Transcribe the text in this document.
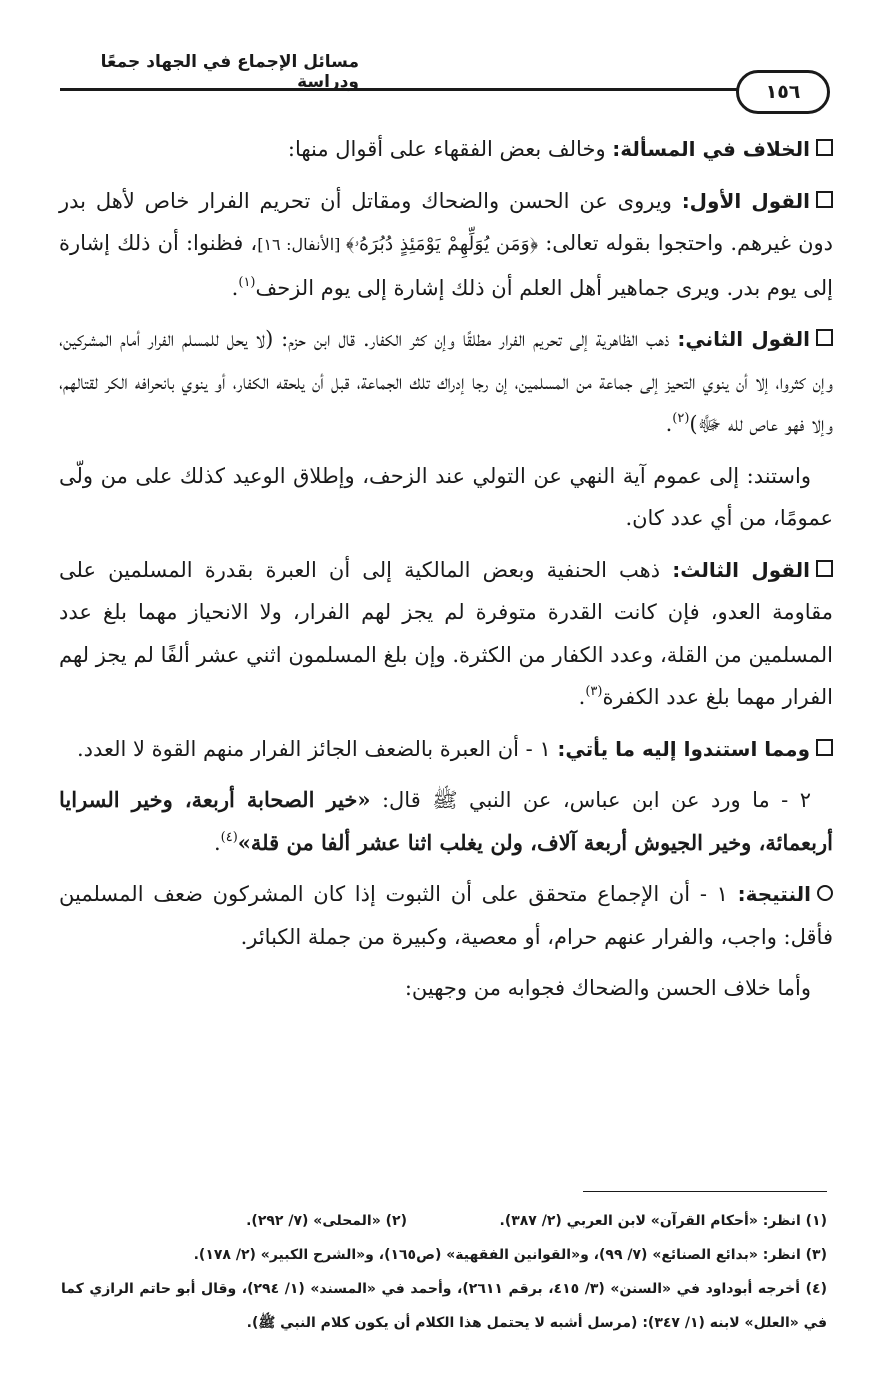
مسائل الإجماع في الجهاد جمعًا ودراسة	١٥٦

الخلاف في المسألة: وخالف بعض الفقهاء على أقوال منها:

القول الأول: ويروى عن الحسن والضحاك ومقاتل أن تحريم الفرار خاص لأهل بدر دون غيرهم. واحتجوا بقوله تعالى: ﴿وَمَن يُوَلِّهِمْ يَوْمَئِذٍ دُبُرَهُۥ﴾ [الأنفال: ١٦]، فظنوا: أن ذلك إشارة إلى يوم بدر. ويرى جماهير أهل العلم أن ذلك إشارة إلى يوم الزحف$^{(١)}$.

القول الثاني: ذهب الظاهرية إلى تحريم الفرار مطلقًا وإن كثر الكفار. قال ابن حزم: (لا يحل للمسلم الفرار أمام المشركين، وإن كثروا، إلا أن ينوي التحيز إلى جماعة من المسلمين، إن رجا إدراك تلك الجماعة، قبل أن يلحقه الكفار، أو ينوي بانحرافه الكر لقتالهم، وإلا فهو عاص لله ﷻ)$^{(٢)}$.

واستند: إلى عموم آية النهي عن التولي عند الزحف، وإطلاق الوعيد كذلك على من ولّى عمومًا، من أي عدد كان.

القول الثالث: ذهب الحنفية وبعض المالكية إلى أن العبرة بقدرة المسلمين على مقاومة العدو، فإن كانت القدرة متوفرة لم يجز لهم الفرار، ولا الانحياز مهما بلغ عدد المسلمين من القلة، وعدد الكفار من الكثرة. وإن بلغ المسلمون اثني عشر ألفًا لم يجز لهم الفرار مهما بلغ عدد الكفرة$^{(٣)}$.

ومما استندوا إليه ما يأتي: ١ - أن العبرة بالضعف الجائز الفرار منهم القوة لا العدد.

٢ - ما ورد عن ابن عباس، عن النبي ﷺ قال: «خير الصحابة أربعة، وخير السرايا أربعمائة، وخير الجيوش أربعة آلاف، ولن يغلب اثنا عشر ألفا من قلة»$^{(٤)}$.

النتيجة: ١ - أن الإجماع متحقق على أن الثبوت إذا كان المشركون ضعف المسلمين فأقل: واجب، والفرار عنهم حرام، أو معصية، وكبيرة من جملة الكبائر.

وأما خلاف الحسن والضحاك فجوابه من وجهين:

(١) انظر: «أحكام القرآن» لابن العربي (٢/ ٣٨٧).
(٢) «المحلى» (٧/ ٢٩٢).

(٣) انظر: «بدائع الصنائع» (٧/ ٩٩)، و«القوانين الفقهية» (ص١٦٥)، و«الشرح الكبير» (٢/ ١٧٨).

(٤) أخرجه أبوداود في «السنن» (٣/ ٤١٥، برقم ٢٦١١)، وأحمد في «المسند» (١/ ٢٩٤)، وقال أبو حاتم الرازي كما في «العلل» لابنه (١/ ٣٤٧): (مرسل أشبه لا يحتمل هذا الكلام أن يكون كلام النبي ﷺ).
